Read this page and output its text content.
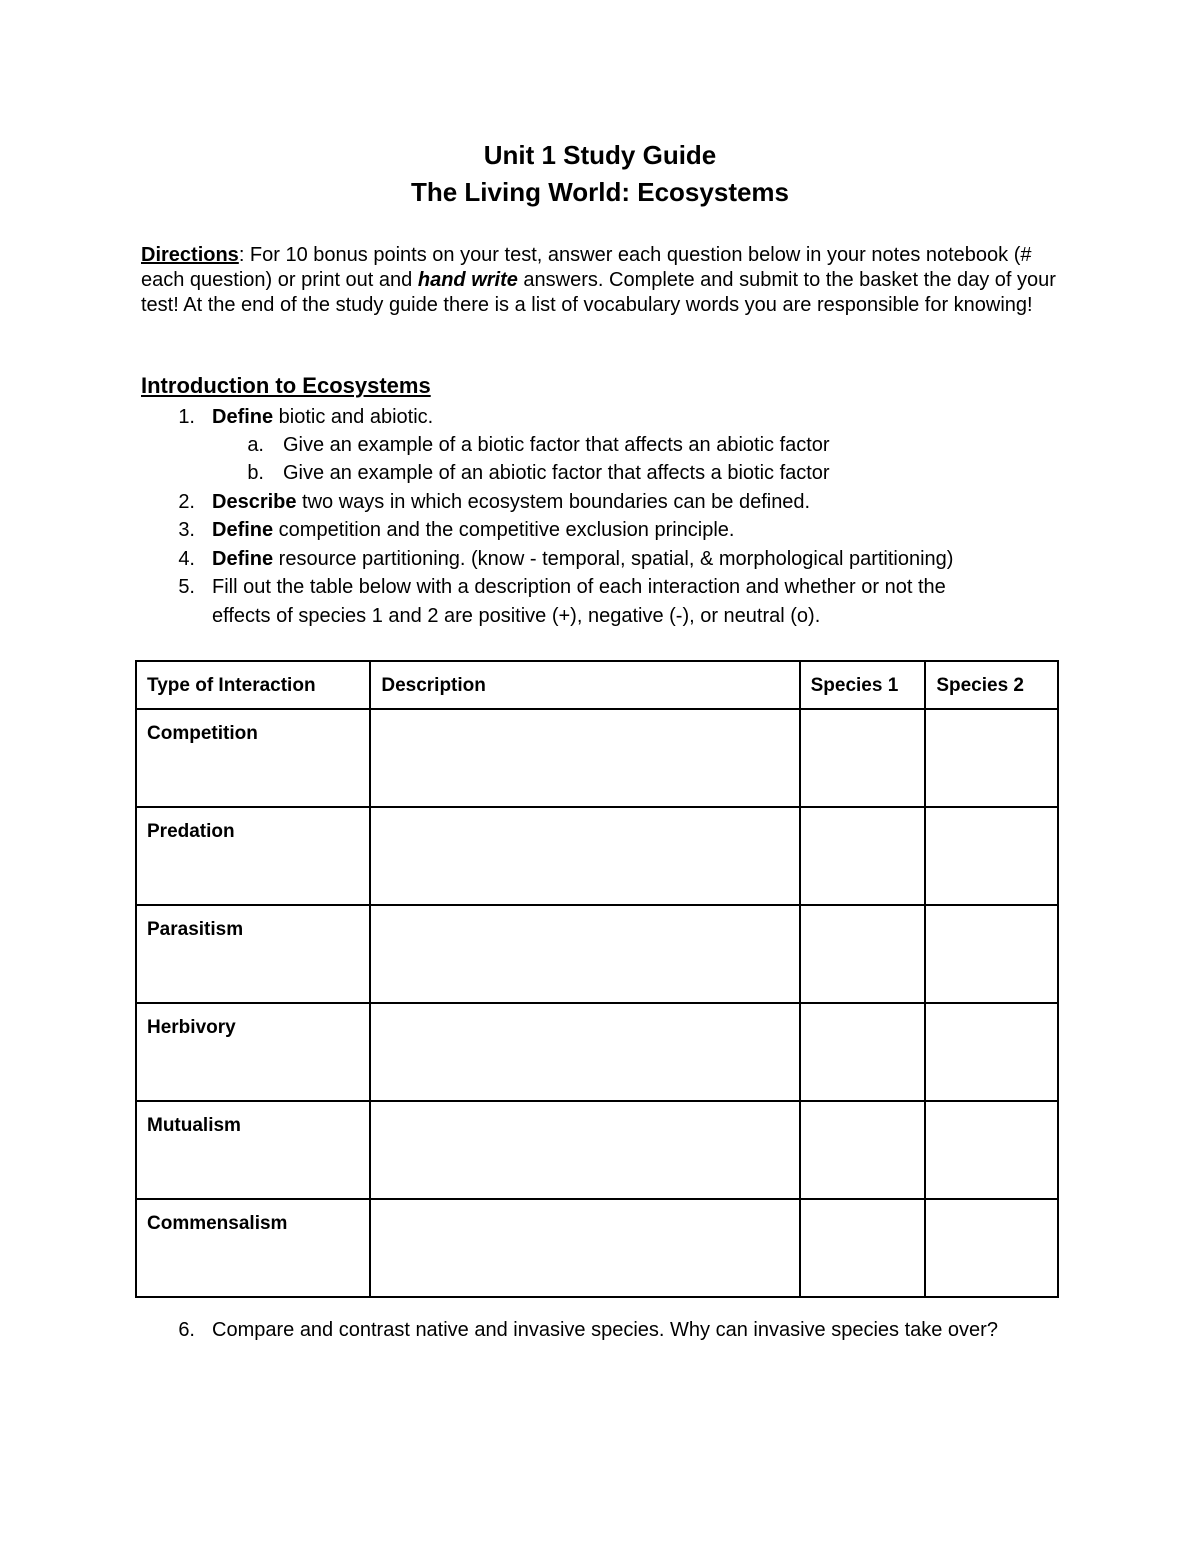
Unit 1 Study Guide
The Living World: Ecosystems

Directions: For 10 bonus points on your test, answer each question below in your notes notebook (# each question) or print out and hand write answers. Complete and submit to the basket the day of your test! At the end of the study guide there is a list of vocabulary words you are responsible for knowing!

Introduction to Ecosystems
1. Define biotic and abiotic.
a. Give an example of a biotic factor that affects an abiotic factor
b. Give an example of an abiotic factor that affects a biotic factor
2. Describe two ways in which ecosystem boundaries can be defined.
3. Define competition and the competitive exclusion principle.
4. Define resource partitioning. (know - temporal, spatial, & morphological partitioning)
5. Fill out the table below with a description of each interaction and whether or not the
effects of species 1 and 2 are positive (+), negative (-), or neutral (o).
Type of Interaction	Description	Species 1	Species 2
Competition			
Predation			
Parasitism			
Herbivory			
Mutualism			
Commensalism			
6. Compare and contrast native and invasive species. Why can invasive species take over?
